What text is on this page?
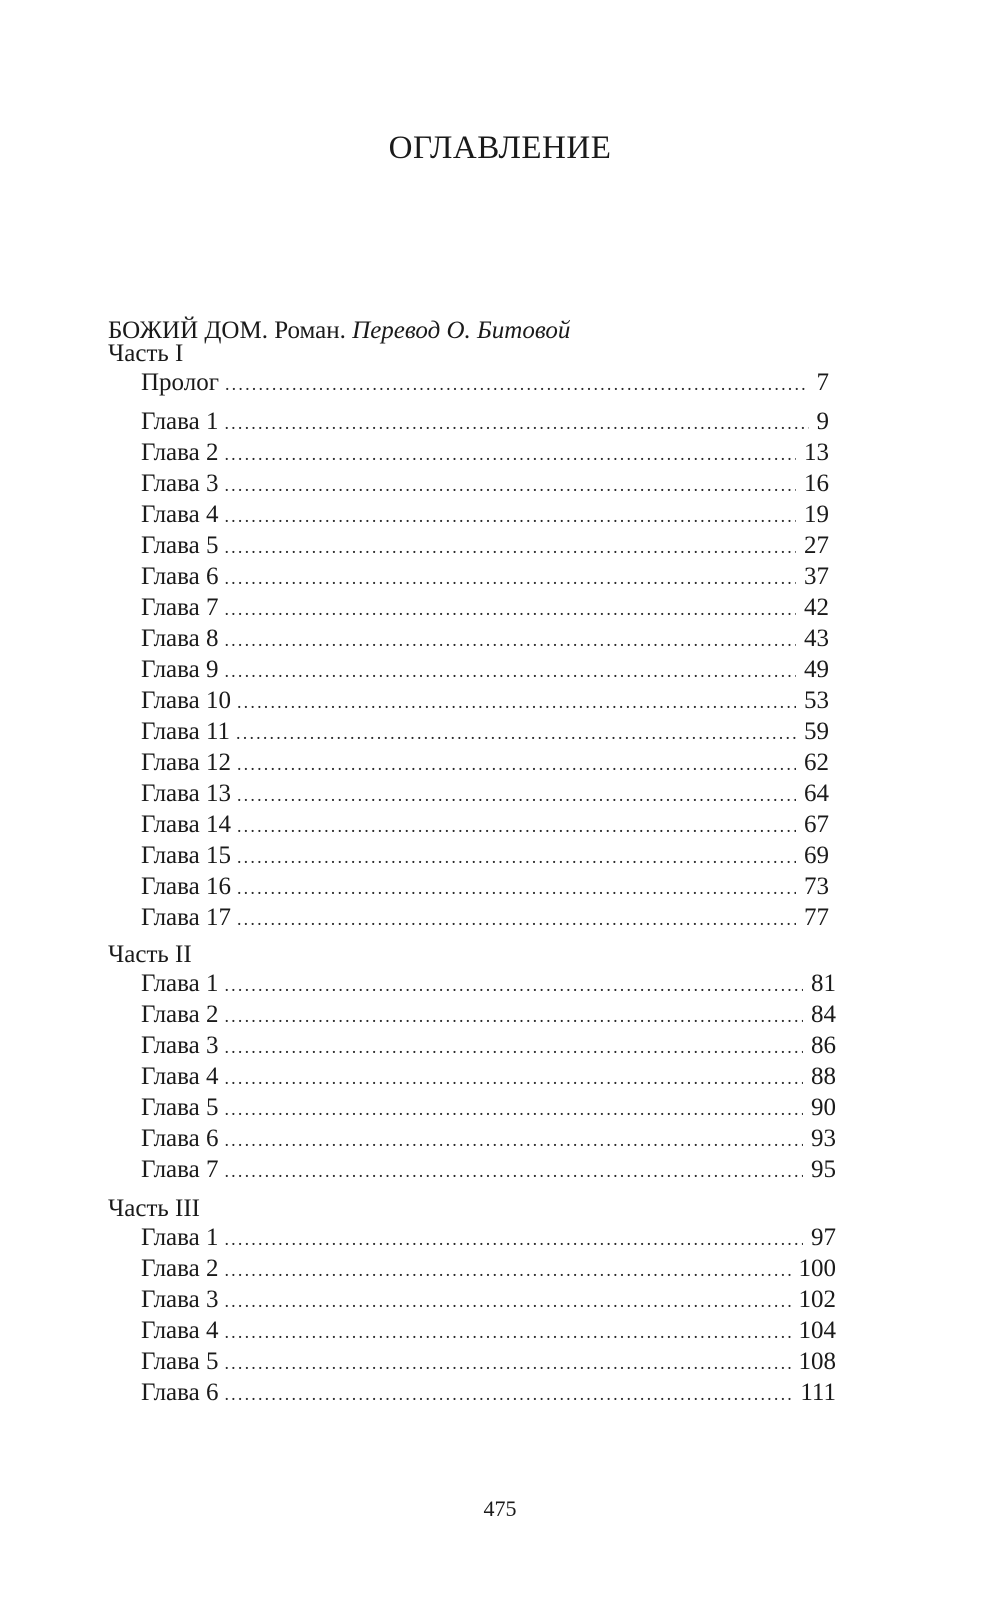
ОГЛАВЛЕНИЕ
БОЖИЙ ДОМ. Роман. Перевод О. Битовой
Часть I
Пролог .....	7
Глава 1 .....	9
Глава 2 .....	13
Глава 3 .....	16
Глава 4 .....	19
Глава 5 .....	27
Глава 6 .....	37
Глава 7 .....	42
Глава 8 .....	43
Глава 9 .....	49
Глава 10 .....	53
Глава 11 .....	59
Глава 12 .....	62
Глава 13 .....	64
Глава 14 .....	67
Глава 15 .....	69
Глава 16 .....	73
Глава 17 .....	77
Часть II
Глава 1 .....	81
Глава 2 .....	84
Глава 3 .....	86
Глава 4 .....	88
Глава 5 .....	90
Глава 6 .....	93
Глава 7 .....	95
Часть III
Глава 1 .....	97
Глава 2 .....	100
Глава 3 .....	102
Глава 4 .....	104
Глава 5 .....	108
Глава 6 .....	111
475
